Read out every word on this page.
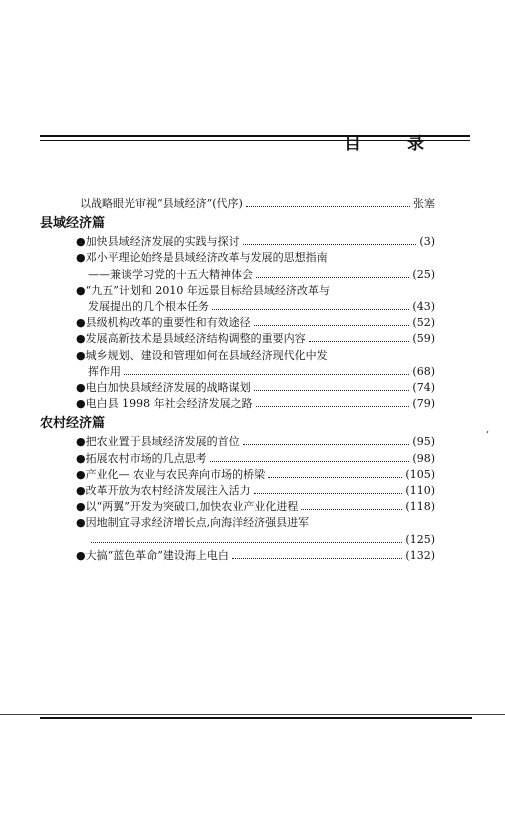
目 录
以战略眼光审视“县域经济”(代序)	张塞
县域经济篇
●加快县域经济发展的实践与探讨	(3)
●邓小平理论始终是县域经济改革与发展的思想指南
——兼谈学习党的十五大精神体会	(25)
●“九五”计划和 2010 年远景目标给县域经济改革与
发展提出的几个根本任务	(43)
●县级机构改革的重要性和有效途径	(52)
●发展高新技术是县域经济结构调整的重要内容	(59)
●城乡规划、建设和管理如何在县域经济现代化中发
挥作用	(68)
●电白加快县域经济发展的战略谋划	(74)
●电白县 1998 年社会经济发展之路	(79)
农村经济篇
●把农业置于县域经济发展的首位	(95)
●拓展农村市场的几点思考	(98)
●产业化— 农业与农民奔向市场的桥梁	(105)
●改革开放为农村经济发展注入活力	(110)
●以“两翼”开发为突破口,加快农业产业化进程	(118)
●因地制宜寻求经济增长点,向海洋经济强县进军
(125)
●大搞“蓝色革命”建设海上电白	(132)
,
